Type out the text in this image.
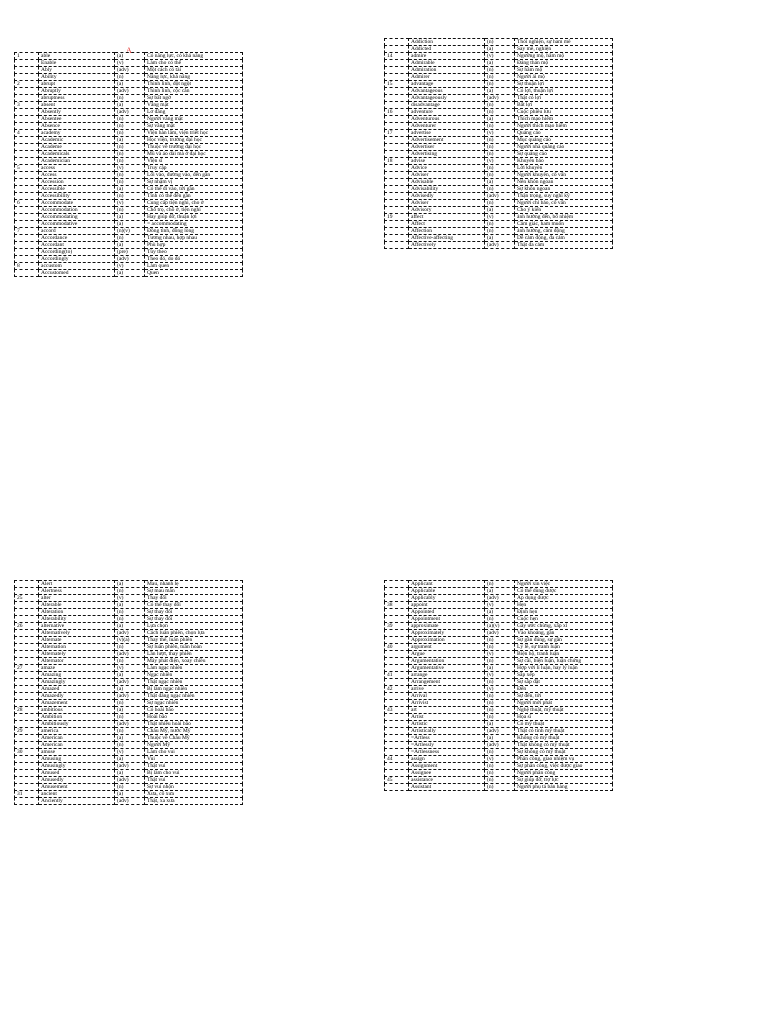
A
1	able	(a)	Có năng lực, có khả năng
	Enable	(v)	Làm cho có thể
	Ably	(adv)	Một cách có tài
	Ability	(n)	Năng lực, khả năng
2	abrupt	(a)	Thình lình, đột ngột
	Abruptly	(adv)	Thình lình, cộc cằn
	abruptness	(n)	Sự bất ngờ
3	absent	(a)	Vắng mặt
	Absently	(adv)	Lơ đãng
	Absentee	(n)	Người vắng mặt
	Absence	(n)	Sự vắng mặt
4	academy	(n)	Viện hàn lâm, viện triết học
	Academic	(a)	Học viện, trường đại học
	Academe	(n)	Thuộc về trường đại học
	Academicals	(n)	Mũ và áo dài mà ở đại học
	Academician	(n)	Viện sĩ
5	access	(v)	Truy cập
	Access	(n)	Lối vào, đường vào, đến gần
	Accession	(n)	Sự nhậm vị
	Accessible	(a)	Có thể đi vào, tới gần
	Accessibility	(n)	Tính có thể đến gần
6	Accommodate	(v)	Cung cấp tiện nghi, cho ở
	Accommodation	(n)	Chỗ trọ, chỗ ở, tiện nghi
	Accommodating	(a)	Hay giúp đỡ, thuận lợi
	Accommodative	(a)	= accommodating
7	accord	(n)(v)	Đồng tình, đồng lòng
	Accordance	(n)	Tương nhau, hợp nhau
	Accordant	(a)	Phù hợp
	According(to)	(pre)	Tùy theo
	Accordingly	(adv)	Theo đó, do đó
8	accustom	(v)	Làm quen
	Accustomed	(a)	Quen
	Addiction	(n)	Thói nghiện, sự ham mê
	Addicted	(a)	Say mê, nghiện
14	admire	(v)	Ngưỡng mộ, hâm mộ
	Admirable	(a)	Đáng thán mộ
	Admiration	(n)	Sự hâm mộ
	Admirer	(n)	Người ái mộ
15	advantage	(n)	Sự thuận lợi
	Advantageous	(a)	Có lợi, thuận lợi
	Advantageously	(adv)	Thật có lợi
	disadvantage	(n)	Bất lợi
16	adventure	(n)	Cuộc phiêu lưu
	Adventurous	(a)	Thích mạo hiểm
	Adventurer	(n)	Người thích mạo hiểm
17	advertise	(v)	Quảng cáo
	Advertisement	(n)	Mục quảng cáo
	Advertiser	(n)	Người nhà quảng cáo
	Advertising	(n)	Sự quảng cáo
18	advise	(v)	Khuyên bảo
	Advice	(n)	Lời khuyên
	Adviser	(n)	Người khuyên, cố vấn
	Advisable	(a)	Nên khôn ngoan
	Advisability	(n)	Sự khôn ngoan
	Advisedly	(adv)	Thận trọng, suy nghĩ kỹ
	Adviser	(n)	Người chỉ bảo, cố vấn
	Advisory	(a)	Cho ý kiến
19	affect	(v)	ảnh hưởng đến, bổ nhiệm
	Affect	(n)	Cảm giác, ham muốn
	Affection	(n)	ảnh hưởng, cảm động
	Affective-affecting	(a)	Dễ cảm động, đa cảm
	Affectively	(adv)	Thật đa cảm
	Alert	(a)	Mau, nhanh lẹ
	Alertness	(n)	Sự mau mắn
25	alter	(v)	Thay đổi
	Alterable	(a)	Có thể thay đổi
	Alteration	(n)	Sự thay đổi
	Alterability	(n)	Sự thay đổi
26	alternative	(a)	Lựa chọn
	Alternatively	(adv)	Cách luân phiên, chọn lựa
	Alternate	(v)(a)	Thay thế, luân phiên
	Alternation	(n)	Sự luân phiên, tuần hoàn
	Alternately	(adv)	Lần lượt, thay phiên
	Alternator	(n)	Máy phát điện, xoay chiều
27	amaze	(v)	Làm ngạc nhiên
	Amazing	(a)	Ngạc nhiên
	Amazingly	(adv)	Thật ngạc nhiên
	Amazed	(a)	Bị làm ngạc nhiên
	Amazedly	(adv)	Thật đáng ngạc nhiên
	Amazement	(n)	Sự ngạc nhiên
28	ambitious	(a)	Có hoài bão
	Ambition	(n)	Hoài bão
	Ambitiously	(adv)	Thật nhiều hoài bão
29	america	(n)	Châu Mỹ, nước Mỹ
	American	(a)	Thuộc về Châu Mỹ
	American	(n)	Người Mỹ
30	amuse	(v)	Làm cho vui
	Amusing	(a)	Vui
	Amusingly	(adv)	Thật vui
	Amused	(a)	Bị làm cho vui
	Amusedly	(adv)	Thật vui
	Amusement	(n)	Sự vui nhộn
31	ancient	(a)	Xưa, cổ xưa
	Anciently	(adv)	Thật, xa xưa
	Applicant	(n)	Người xin việc
	Applicable	(a)	Có thể dùng được
	Applicably	(adv)	Áp dụng được
38	appoint	(v)	Hẹn
	Appointed	(a)	Định hẹn
	Appointment	(n)	Cuộc hẹn
39	approximate	(a)(v)	Gây ước chừng, xấp xỉ
	Approximately	(adv)	Vào khoảng, gần
	Approximation	(n)	Sự gần đúng, sự gần
40	argument	(n)	Lý lẽ, sự tranh luận
	Argue	(v)	Biện hộ, tranh luận
	Argumentation	(n)	Sự cãi, biện luận, luận chứng
	Argumentative	(a)	Hợp với lí luận, hay lý luận
41	arrange	(v)	Sắp xếp
	Arrangement	(n)	Sự sắp đặt
42	arrive	(v)	Đến
	Arrival	(n)	Sự đến, tới
	Arrivist	(n)	Người mới phát
43	art	(n)	Nghệ thuật, mỹ thuật
	Artist	(n)	Họa sĩ
	Artistic	(a)	Có mỹ thuật
	Artistically	(adv)	Thật có tính mỹ thuật
	=Artless	(a)	Không có mỹ thuật
	=Artlessly	(adv)	Thật không có mỹ thuật
	=Artlessness	(n)	Sự không có mỹ thuật
44	assign	(v)	Phân công, giao nhiệm vụ
	Assignment	(n)	Sự phân công, việc được giao
	Assignee	(n)	Người phân công
45	assistance	(n)	Sự giúp đỡ, trợ lực
	Assistant	(n)	Người phụ tá bán hàng
